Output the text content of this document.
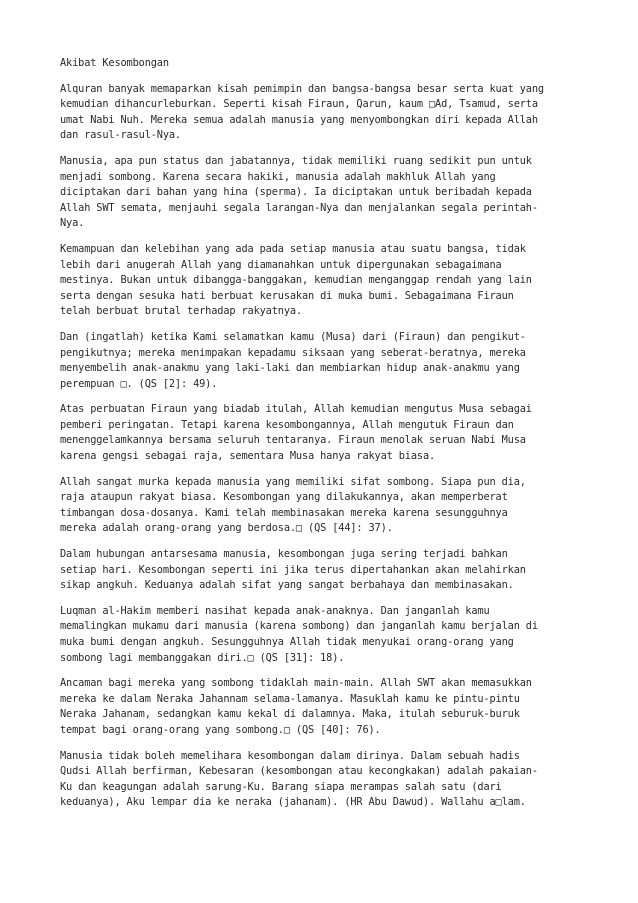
Akibat Kesombongan
Alquran banyak memaparkan kisah pemimpin dan bangsa-bangsa besar serta kuat yang
kemudian dihancurleburkan. Seperti kisah Firaun, Qarun, kaum □Ad, Tsamud, serta
umat Nabi Nuh. Mereka semua adalah manusia yang menyombongkan diri kepada Allah
dan rasul-rasul-Nya.
Manusia, apa pun status dan jabatannya, tidak memiliki ruang sedikit pun untuk
menjadi sombong. Karena secara hakiki, manusia adalah makhluk Allah yang
diciptakan dari bahan yang hina (sperma). Ia diciptakan untuk beribadah kepada
Allah SWT semata, menjauhi segala larangan-Nya dan menjalankan segala perintah-
Nya.
Kemampuan dan kelebihan yang ada pada setiap manusia atau suatu bangsa, tidak
lebih dari anugerah Allah yang diamanahkan untuk dipergunakan sebagaimana
mestinya. Bukan untuk dibangga-banggakan, kemudian menganggap rendah yang lain
serta dengan sesuka hati berbuat kerusakan di muka bumi. Sebagaimana Firaun
telah berbuat brutal terhadap rakyatnya.
Dan (ingatlah) ketika Kami selamatkan kamu (Musa) dari (Firaun) dan pengikut-
pengikutnya; mereka menimpakan kepadamu siksaan yang seberat-beratnya, mereka
menyembelih anak-anakmu yang laki-laki dan membiarkan hidup anak-anakmu yang
perempuan □. (QS [2]: 49).
Atas perbuatan Firaun yang biadab itulah, Allah kemudian mengutus Musa sebagai
pemberi peringatan. Tetapi karena kesombongannya, Allah mengutuk Firaun dan
menenggelamkannya bersama seluruh tentaranya. Firaun menolak seruan Nabi Musa
karena gengsi sebagai raja, sementara Musa hanya rakyat biasa.
Allah sangat murka kepada manusia yang memiliki sifat sombong. Siapa pun dia,
raja ataupun rakyat biasa. Kesombongan yang dilakukannya, akan memperberat
timbangan dosa-dosanya. Kami telah membinasakan mereka karena sesungguhnya
mereka adalah orang-orang yang berdosa.□ (QS [44]: 37).
Dalam hubungan antarsesama manusia, kesombongan juga sering terjadi bahkan
setiap hari. Kesombongan seperti ini jika terus dipertahankan akan melahirkan
sikap angkuh. Keduanya adalah sifat yang sangat berbahaya dan membinasakan.
Luqman al-Hakim memberi nasihat kepada anak-anaknya. Dan janganlah kamu
memalingkan mukamu dari manusia (karena sombong) dan janganlah kamu berjalan di
muka bumi dengan angkuh. Sesungguhnya Allah tidak menyukai orang-orang yang
sombong lagi membanggakan diri.□ (QS [31]: 18).
Ancaman bagi mereka yang sombong tidaklah main-main. Allah SWT akan memasukkan
mereka ke dalam Neraka Jahannam selama-lamanya. Masuklah kamu ke pintu-pintu
Neraka Jahanam, sedangkan kamu kekal di dalamnya. Maka, itulah seburuk-buruk
tempat bagi orang-orang yang sombong.□ (QS [40]: 76).
Manusia tidak boleh memelihara kesombongan dalam dirinya. Dalam sebuah hadis
Qudsi Allah berfirman, Kebesaran (kesombongan atau kecongkakan) adalah pakaian-
Ku dan keagungan adalah sarung-Ku. Barang siapa merampas salah satu (dari
keduanya), Aku lempar dia ke neraka (jahanam). (HR Abu Dawud). Wallahu a□lam.
